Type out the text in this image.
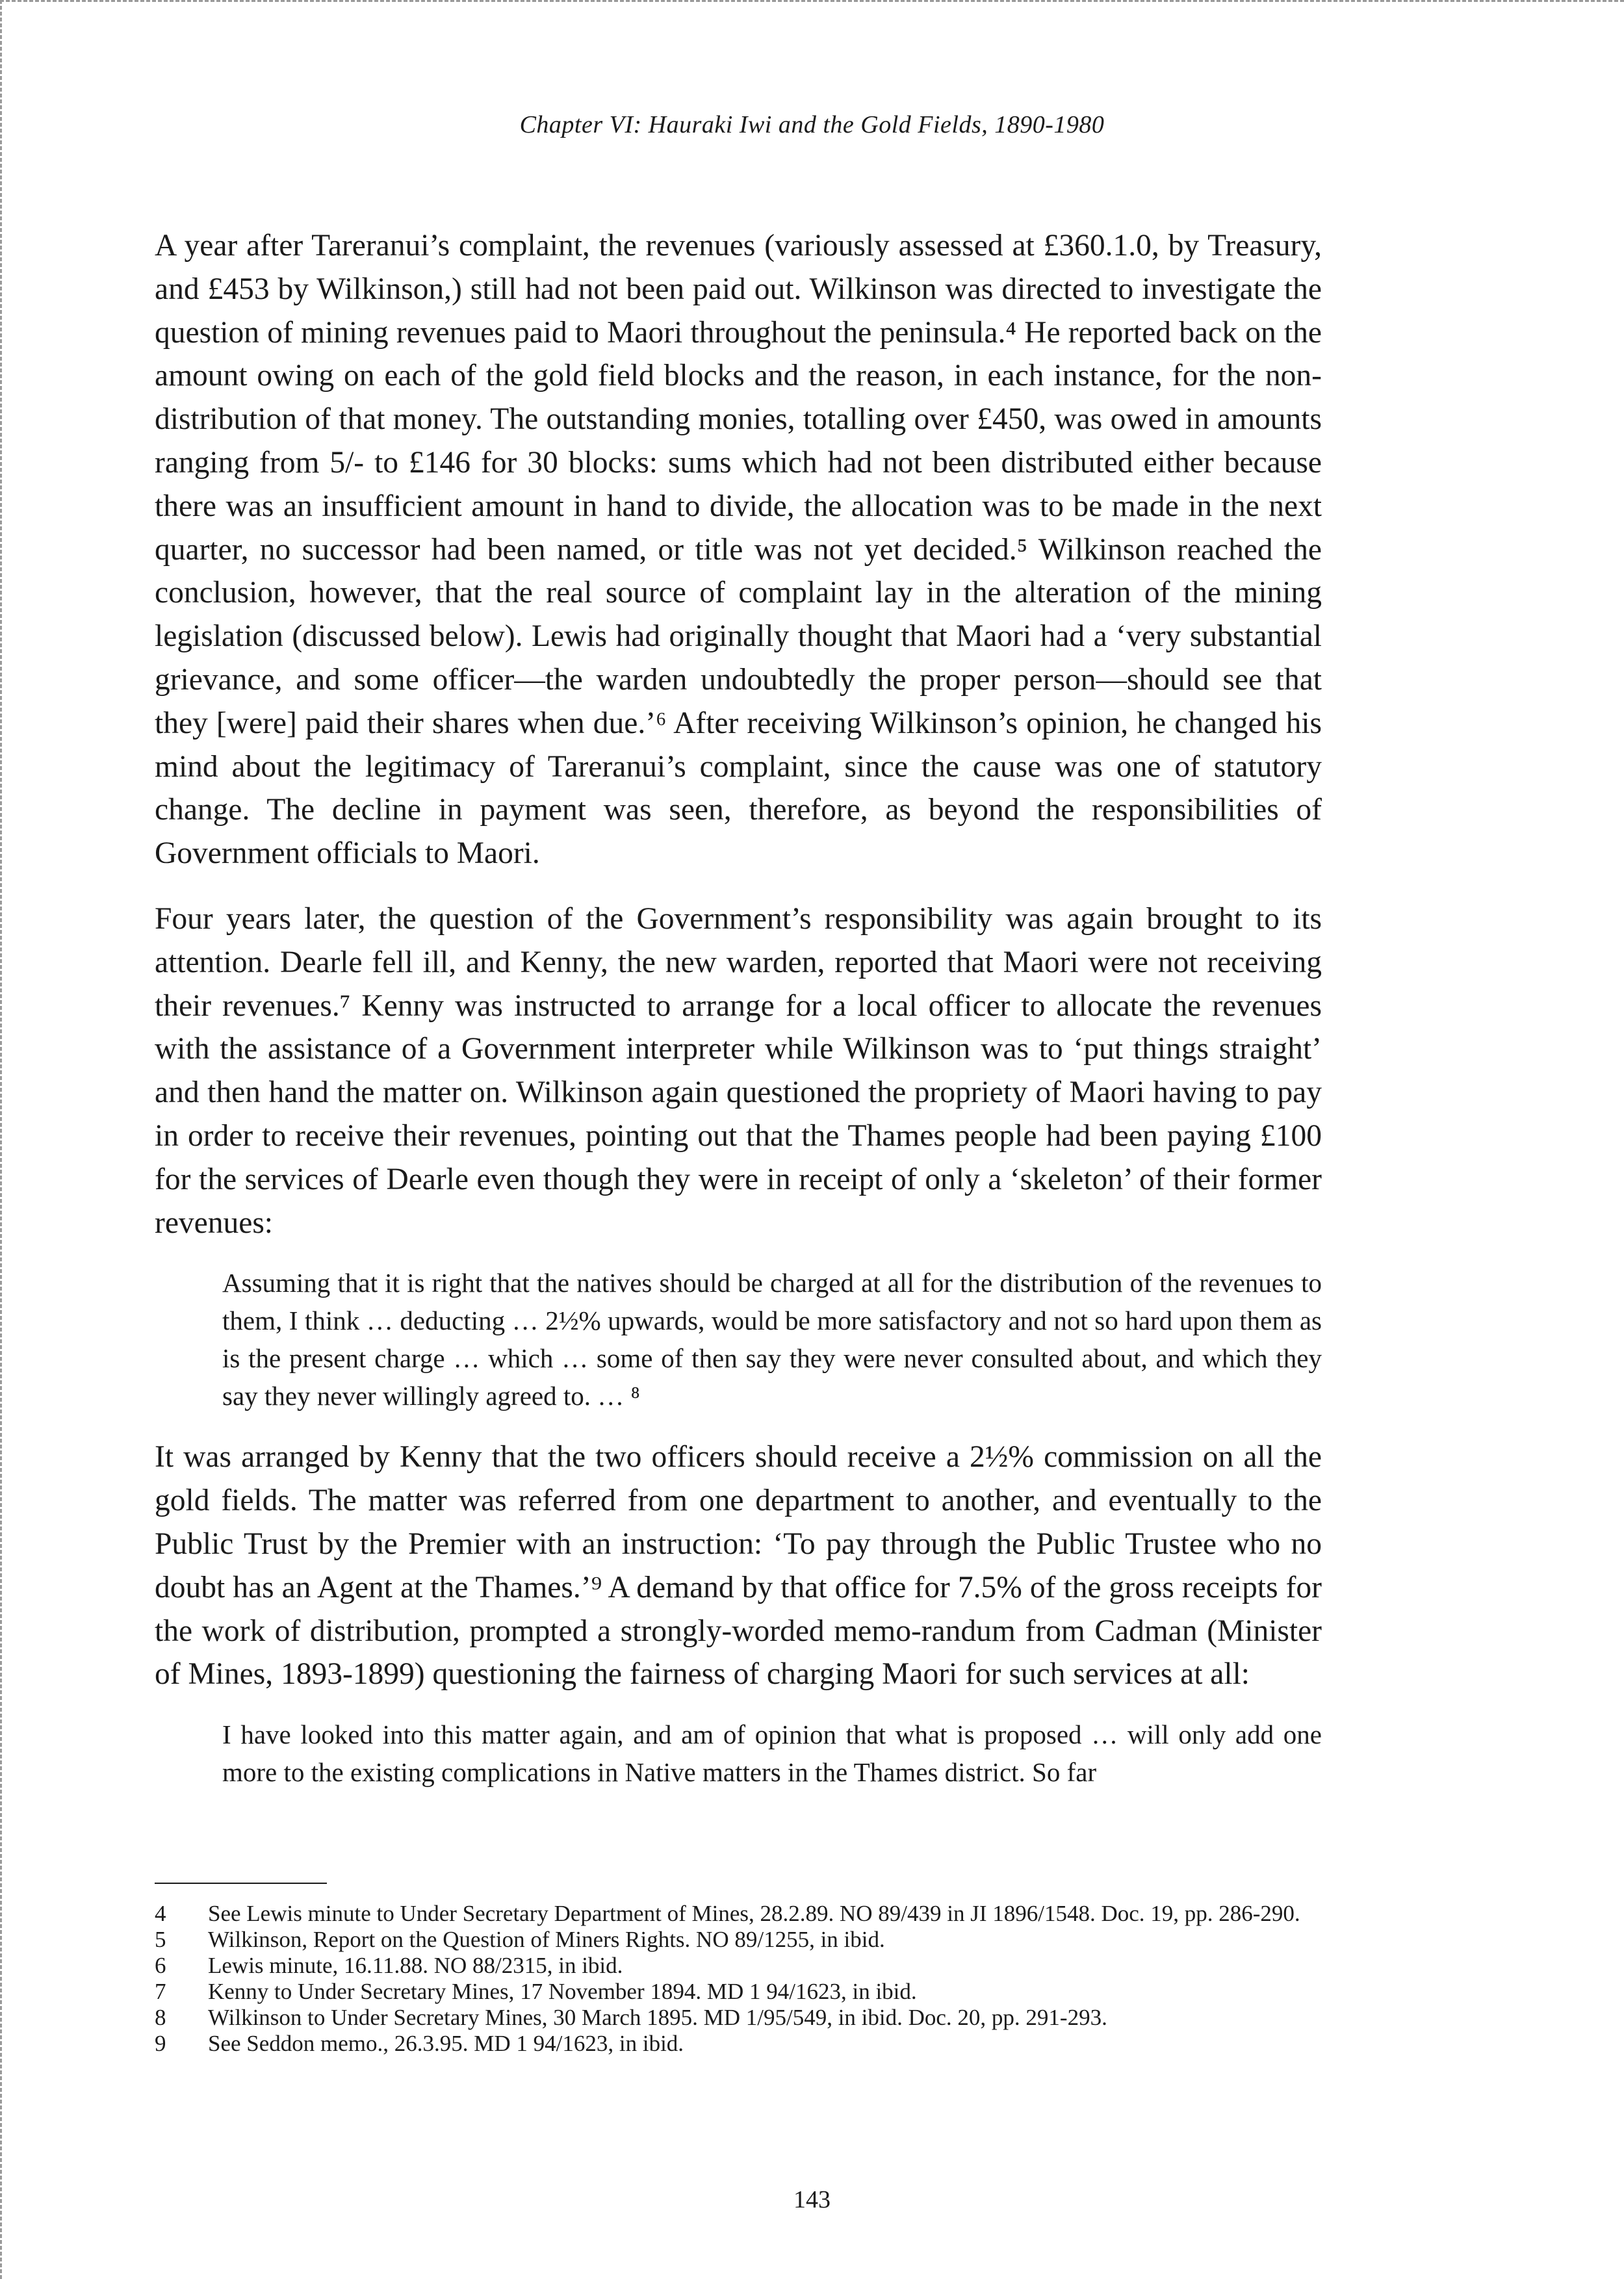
Chapter VI: Hauraki Iwi and the Gold Fields, 1890-1980

A year after Tareranui’s complaint, the revenues (variously assessed at £360.1.0, by Treasury, and £453 by Wilkinson,) still had not been paid out. Wilkinson was directed to investigate the question of mining revenues paid to Maori throughout the peninsula.⁴ He reported back on the amount owing on each of the gold field blocks and the reason, in each instance, for the non-distribution of that money. The outstanding monies, totalling over £450, was owed in amounts ranging from 5/- to £146 for 30 blocks: sums which had not been distributed either because there was an insufficient amount in hand to divide, the allocation was to be made in the next quarter, no successor had been named, or title was not yet decided.⁵ Wilkinson reached the conclusion, however, that the real source of complaint lay in the alteration of the mining legislation (discussed below). Lewis had originally thought that Maori had a ‘very substantial grievance, and some officer—the warden undoubtedly the proper person—should see that they [were] paid their shares when due.’⁶ After receiving Wilkinson’s opinion, he changed his mind about the legitimacy of Tareranui’s complaint, since the cause was one of statutory change. The decline in payment was seen, therefore, as beyond the responsibilities of Government officials to Maori.

Four years later, the question of the Government’s responsibility was again brought to its attention. Dearle fell ill, and Kenny, the new warden, reported that Maori were not receiving their revenues.⁷ Kenny was instructed to arrange for a local officer to allocate the revenues with the assistance of a Government interpreter while Wilkinson was to ‘put things straight’ and then hand the matter on. Wilkinson again questioned the propriety of Maori having to pay in order to receive their revenues, pointing out that the Thames people had been paying £100 for the services of Dearle even though they were in receipt of only a ‘skeleton’ of their former revenues:

Assuming that it is right that the natives should be charged at all for the distribution of the revenues to them, I think … deducting … 2½% upwards, would be more satisfactory and not so hard upon them as is the present charge … which … some of then say they were never consulted about, and which they say they never willingly agreed to. … ⁸

It was arranged by Kenny that the two officers should receive a 2½% commission on all the gold fields. The matter was referred from one department to another, and eventually to the Public Trust by the Premier with an instruction: ‘To pay through the Public Trustee who no doubt has an Agent at the Thames.’⁹ A demand by that office for 7.5% of the gross receipts for the work of distribution, prompted a strongly-worded memo-randum from Cadman (Minister of Mines, 1893-1899) questioning the fairness of charging Maori for such services at all:

I have looked into this matter again, and am of opinion that what is proposed … will only add one more to the existing complications in Native matters in the Thames district. So far

4 See Lewis minute to Under Secretary Department of Mines, 28.2.89. NO 89/439 in JI 1896/1548. Doc. 19, pp. 286-290.

5 Wilkinson, Report on the Question of Miners Rights. NO 89/1255, in ibid.

6 Lewis minute, 16.11.88. NO 88/2315, in ibid.

7 Kenny to Under Secretary Mines, 17 November 1894. MD 1 94/1623, in ibid.

8 Wilkinson to Under Secretary Mines, 30 March 1895. MD 1/95/549, in ibid. Doc. 20, pp. 291-293.

9 See Seddon memo., 26.3.95. MD 1 94/1623, in ibid.

143
